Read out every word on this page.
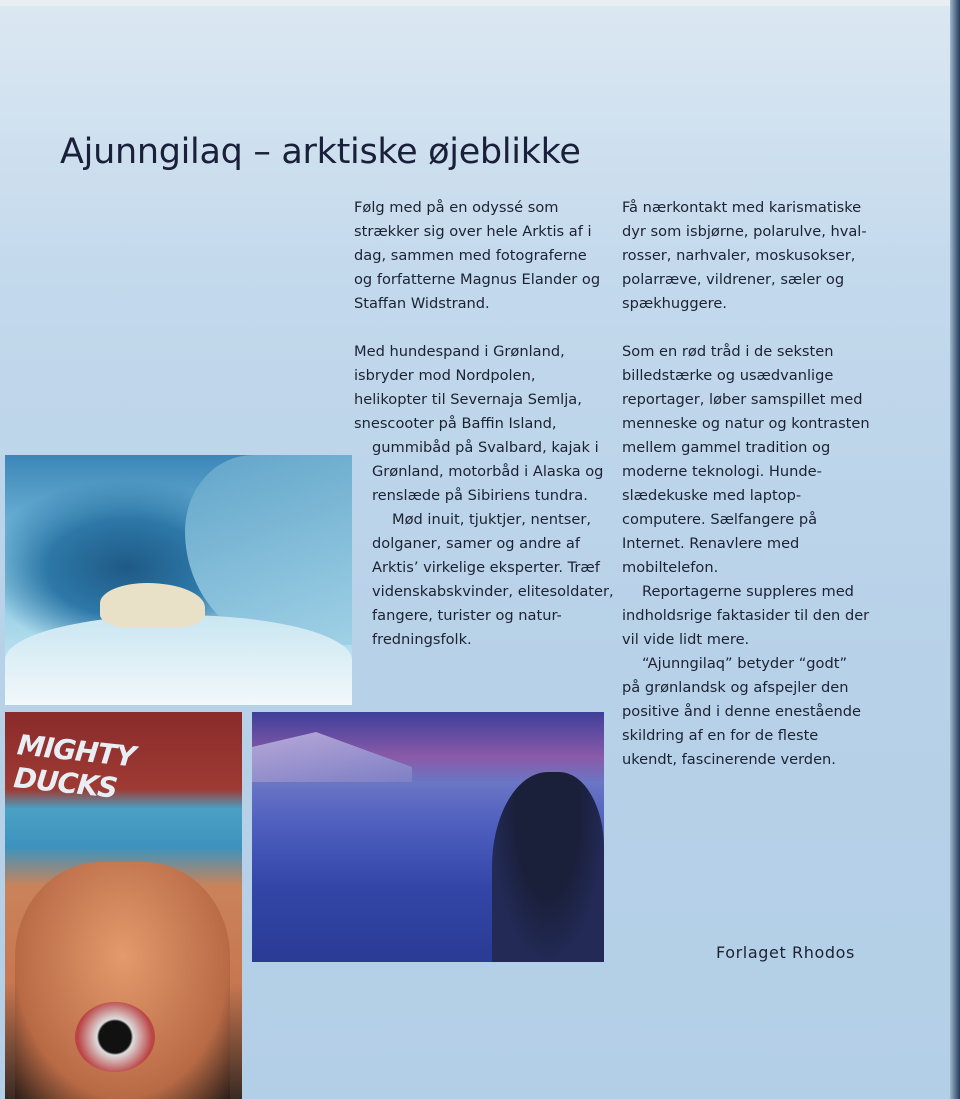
Ajunngilaq – arktiske øjeblikke
Følg med på en odyssé som
strækker sig over hele Arktis af i
dag, sammen med fotograferne
og forfatterne Magnus Elander og
Staffan Widstrand.
Med hundespand i Grønland,
isbryder mod Nordpolen,
helikopter til Severnaja Semlja,
snescooter på Baffin Island,
gummibåd på Svalbard, kajak i
Grønland, motorbåd i Alaska og
renslæde på Sibiriens tundra.
Mød inuit, tjuktjer, nentser,
dolganer, samer og andre af
Arktis’ virkelige eksperter. Træf
videnskabskvinder, elitesoldater,
fangere, turister og natur-
fredningsfolk.
Få nærkontakt med karismatiske
dyr som isbjørne, polarulve, hval-
rosser, narhvaler, moskusokser,
polarræve, vildrener, sæler og
spækhuggere.
Som en rød tråd i de seksten
billedstærke og usædvanlige
reportager, løber samspillet med
menneske og natur og kontrasten
mellem gammel tradition og
moderne teknologi. Hunde-
slædekuske med laptop-
computere. Sælfangere på
Internet. Renavlere med
mobiltelefon.
Reportagerne suppleres med
indholdsrige faktasider til den der
vil vide lidt mere.
“Ajunngilaq” betyder “godt”
på grønlandsk og afspejler den
positive ånd i denne enestående
skildring af en for de fleste
ukendt, fascinerende verden.
MIGHTY DUCKS
Forlaget Rhodos
